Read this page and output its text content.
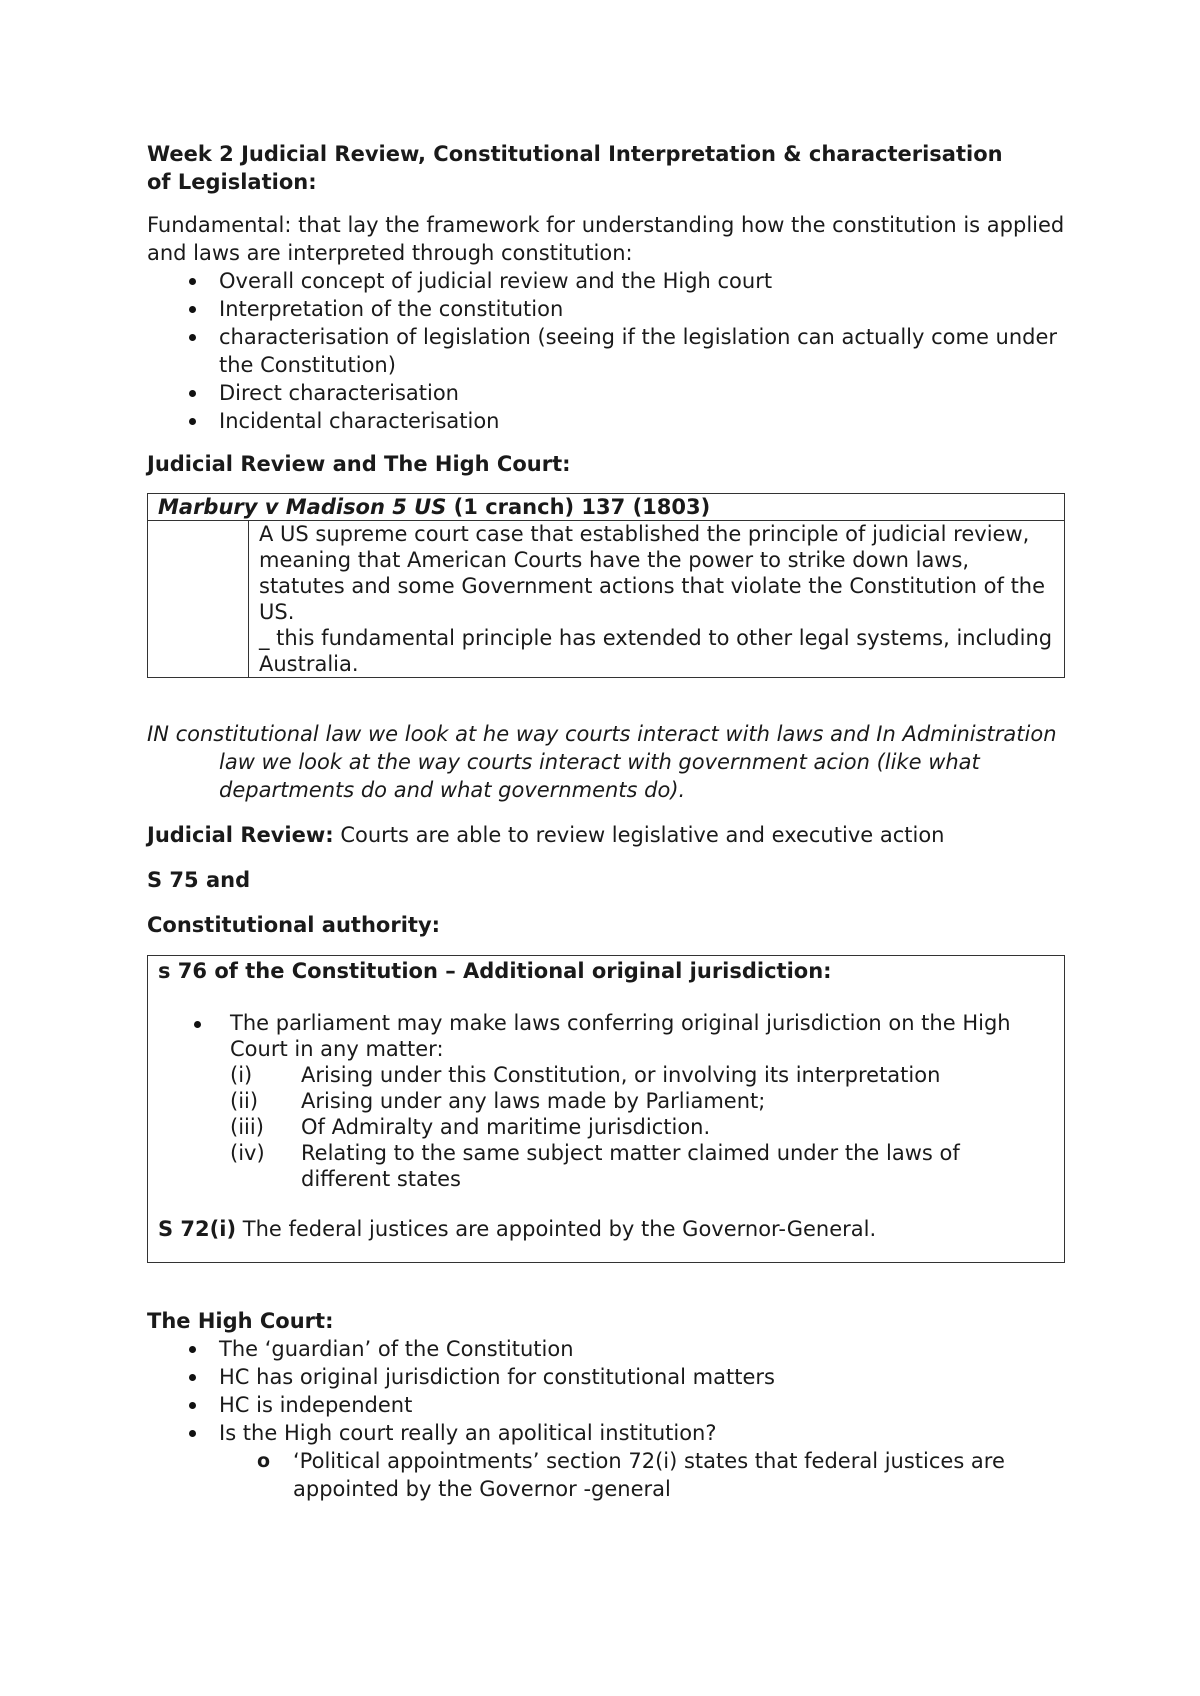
Week 2 Judicial Review, Constitutional Interpretation & characterisation
of Legislation:

Fundamental: that lay the framework for understanding how the constitution is applied and laws are interpreted through constitution:

Overall concept of judicial review and the High court
Interpretation of the constitution
characterisation of legislation (seeing if the legislation can actually come under the Constitution)
Direct characterisation
Incidental characterisation

Judicial Review and The High Court:

Marbury v Madison 5 US (1 cranch) 137 (1803)
	A US supreme court case that established the principle of judicial review, meaning that American Courts have the power to strike down laws, statutes and some Government actions that violate the Constitution of the US.
_ this fundamental principle has extended to other legal systems, including Australia.

IN constitutional law we look at he way courts interact with laws and In Administration law we look at the way courts interact with government acion (like what departments do and what governments do).

Judicial Review: Courts are able to review legislative and executive action

S 75 and

Constitutional authority:

s 76 of the Constitution – Additional original jurisdiction:

The parliament may make laws conferring original jurisdiction on the High Court in any matter:
(i)	Arising under this Constitution, or involving its interpretation
(ii)	Arising under any laws made by Parliament;
(iii)	Of Admiralty and maritime jurisdiction.
(iv)	Relating to the same subject matter claimed under the laws of different states

S 72(i) The federal justices are appointed by the Governor-General.

The High Court:

The ‘guardian’ of the Constitution
HC has original jurisdiction for constitutional matters
HC is independent
Is the High court really an apolitical institution?
o ‘Political appointments’ section 72(i) states that federal justices are appointed by the Governor -general
